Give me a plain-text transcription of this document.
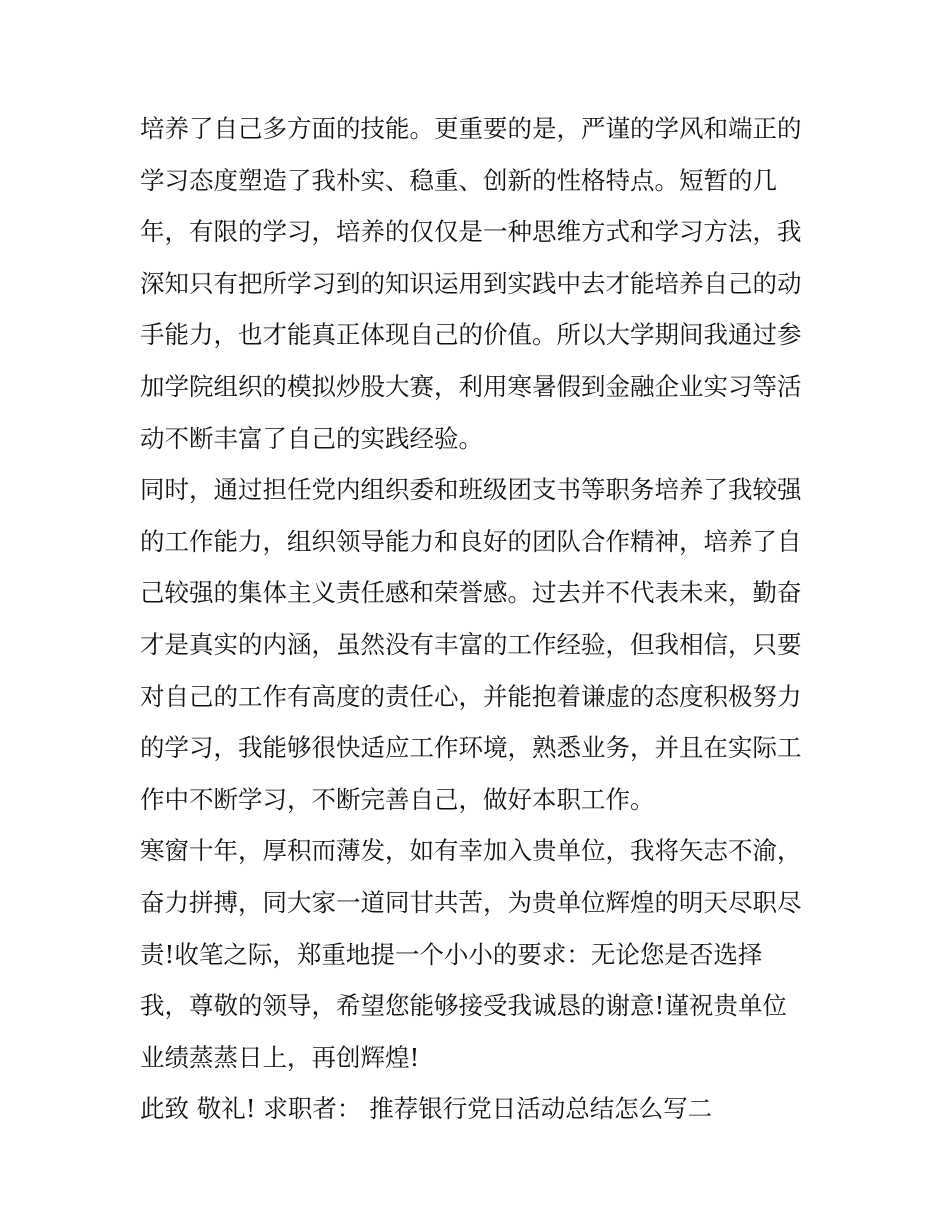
培养了自己多方面的技能。更重要的是，严谨的学风和端正的
学习态度塑造了我朴实、稳重、创新的性格特点。短暂的几
年，有限的学习，培养的仅仅是一种思维方式和学习方法，我
深知只有把所学习到的知识运用到实践中去才能培养自己的动
手能力，也才能真正体现自己的价值。所以大学期间我通过参
加学院组织的模拟炒股大赛，利用寒暑假到金融企业实习等活
动不断丰富了自己的实践经验。
同时，通过担任党内组织委和班级团支书等职务培养了我较强
的工作能力，组织领导能力和良好的团队合作精神，培养了自
己较强的集体主义责任感和荣誉感。过去并不代表未来，勤奋
才是真实的内涵，虽然没有丰富的工作经验，但我相信，只要
对自己的工作有高度的责任心，并能抱着谦虚的态度积极努力
的学习，我能够很快适应工作环境，熟悉业务，并且在实际工
作中不断学习，不断完善自己，做好本职工作。
寒窗十年，厚积而薄发，如有幸加入贵单位，我将矢志不渝，
奋力拼搏，同大家一道同甘共苦，为贵单位辉煌的明天尽职尽
责!收笔之际，郑重地提一个小小的要求：无论您是否选择
我，尊敬的领导，希望您能够接受我诚恳的谢意!谨祝贵单位
业绩蒸蒸日上，再创辉煌!
此致 敬礼! 求职者： 推荐银行党日活动总结怎么写二
